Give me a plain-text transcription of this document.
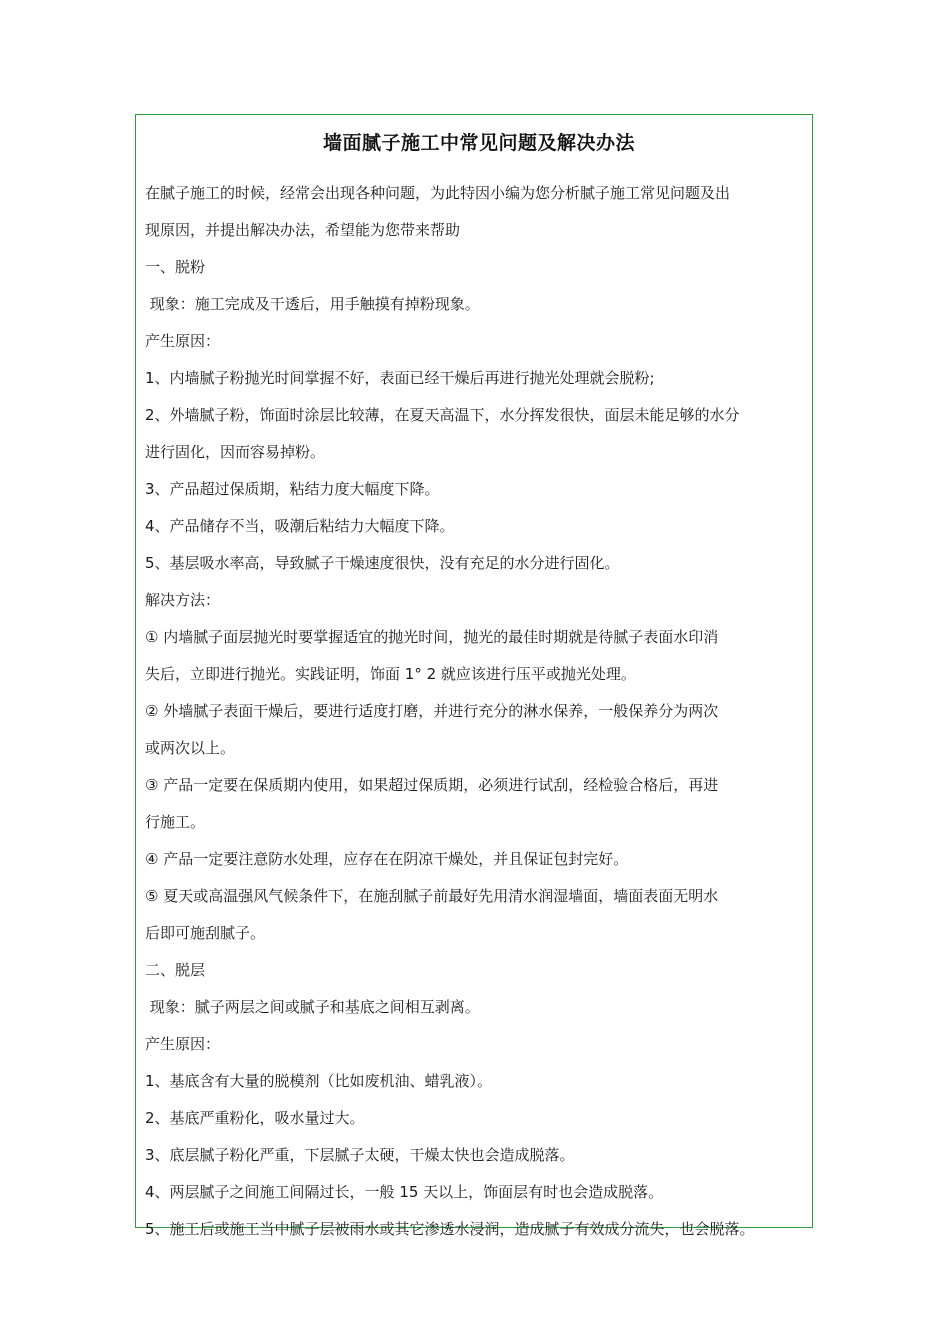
墙面腻子施工中常见问题及解决办法
在腻子施工的时候，经常会出现各种问题，为此特因小编为您分析腻子施工常见问题及出
现原因，并提出解决办法，希望能为您带来帮助
一、脱粉
现象：施工完成及干透后，用手触摸有掉粉现象。
产生原因：
1、内墙腻子粉抛光时间掌握不好，表面已经干燥后再进行抛光处理就会脱粉;
2、外墙腻子粉，饰面时涂层比较薄，在夏天高温下，水分挥发很快，面层未能足够的水分
进行固化，因而容易掉粉。
3、产品超过保质期，粘结力度大幅度下降。
4、产品储存不当，吸潮后粘结力大幅度下降。
5、基层吸水率高，导致腻子干燥速度很快，没有充足的水分进行固化。
解决方法：
① 内墙腻子面层抛光时要掌握适宜的抛光时间，抛光的最佳时期就是待腻子表面水印消
失后，立即进行抛光。实践证明，饰面 1° 2 就应该进行压平或抛光处理。
② 外墙腻子表面干燥后，要进行适度打磨，并进行充分的淋水保养，一般保养分为两次
或两次以上。
③ 产品一定要在保质期内使用，如果超过保质期，必须进行试刮，经检验合格后，再进
行施工。
④ 产品一定要注意防水处理，应存在在阴凉干燥处，并且保证包封完好。
⑤ 夏天或高温强风气候条件下，在施刮腻子前最好先用清水润湿墙面，墙面表面无明水
后即可施刮腻子。
二、脱层
现象：腻子两层之间或腻子和基底之间相互剥离。
产生原因：
1、基底含有大量的脱模剂（比如废机油、蜡乳液）。
2、基底严重粉化，吸水量过大。
3、底层腻子粉化严重，下层腻子太硬，干燥太快也会造成脱落。
4、两层腻子之间施工间隔过长，一般 15 天以上，饰面层有时也会造成脱落。
5、施工后或施工当中腻子层被雨水或其它渗透水浸润，造成腻子有效成分流失，也会脱落。
